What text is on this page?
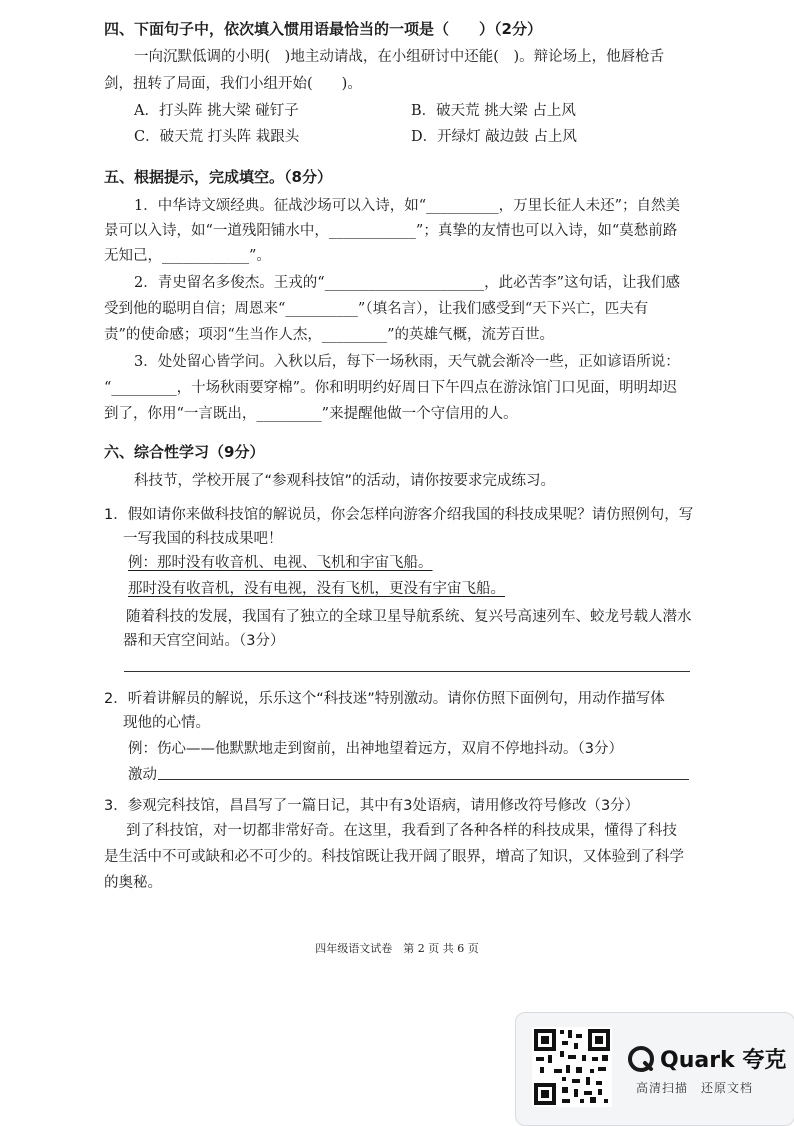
四、下面句子中，依次填入惯用语最恰当的一项是（　　）（2分）
一向沉默低调的小明(　)地主动请战，在小组研讨中还能(　)。辩论场上，他唇枪舌
剑，扭转了局面，我们小组开始(　　)。
A．打头阵 挑大梁 碰钉子	B．破天荒 挑大梁 占上风
C．破天荒 打头阵 栽跟头	D．开绿灯 敲边鼓 占上风
五、根据提示，完成填空。（8分）
1．中华诗文颂经典。征战沙场可以入诗，如“__________，万里长征人未还”；自然美
景可以入诗，如“一道残阳铺水中，____________”；真挚的友情也可以入诗，如“莫愁前路
无知己，____________”。
2．青史留名多俊杰。王戎的“______________________，此必苦李”这句话，让我们感
受到他的聪明自信；周恩来“__________”（填名言），让我们感受到“天下兴亡，匹夫有
责”的使命感；项羽“生当作人杰，_________”的英雄气概，流芳百世。
3．处处留心皆学问。入秋以后，每下一场秋雨，天气就会渐冷一些，正如谚语所说：
“_________，十场秋雨要穿棉”。你和明明约好周日下午四点在游泳馆门口见面，明明却迟
到了，你用“一言既出，_________”来提醒他做一个守信用的人。
六、综合性学习（9分）
科技节，学校开展了“参观科技馆”的活动，请你按要求完成练习。
1．假如请你来做科技馆的解说员，你会怎样向游客介绍我国的科技成果呢？请仿照例句，写
一写我国的科技成果吧！
例：那时没有收音机、电视、飞机和宇宙飞船。
那时没有收音机，没有电视，没有飞机，更没有宇宙飞船。
随着科技的发展，我国有了独立的全球卫星导航系统、复兴号高速列车、蛟龙号载人潜水
器和天宫空间站。（3分）
2．听着讲解员的解说，乐乐这个“科技迷”特别激动。请你仿照下面例句，用动作描写体
现他的心情。
例：伤心——他默默地走到窗前，出神地望着远方，双肩不停地抖动。（3分）
激动
3．参观完科技馆，昌昌写了一篇日记，其中有3处语病，请用修改符号修改（3分）
到了科技馆，对一切都非常好奇。在这里，我看到了各种各样的科技成果，懂得了科技
是生活中不可或缺和必不可少的。科技馆既让我开阔了眼界，增高了知识，又体验到了科学
的奥秘。
四年级语文试卷　第 2 页 共 6 页
Quark 夸克
高清扫描　还原文档
